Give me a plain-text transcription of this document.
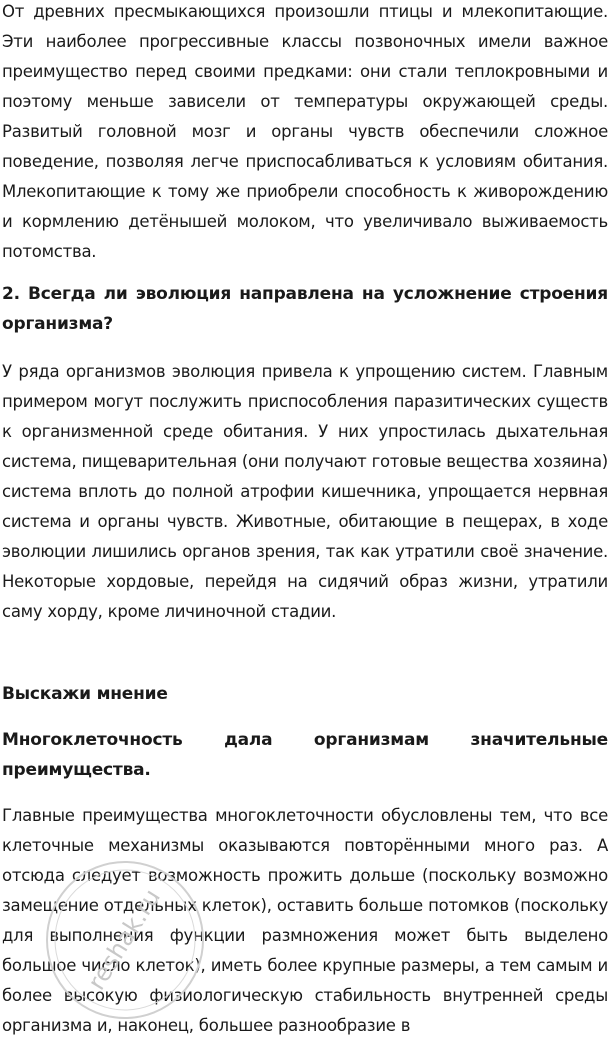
От древних пресмыкающихся произошли птицы и млекопитающие. Эти наиболее прогрессивные классы позвоночных имели важное преимущество перед своими предками: они стали теплокровными и поэтому меньше зависели от температуры окружающей среды. Развитый головной мозг и органы чувств обеспечили сложное поведение, позволяя легче приспосабливаться к условиям обитания. Млекопитающие к тому же приобрели способность к живорождению и кормлению детёнышей молоком, что увеличивало выживаемость потомства.

2. Всегда ли эволюция направлена на усложнение строения организма?

У ряда организмов эволюция привела к упрощению систем. Главным примером могут послужить приспособления паразитических существ к организменной среде обитания. У них упростилась дыхательная система, пищеварительная (они получают готовые вещества хозяина) система вплоть до полной атрофии кишечника, упрощается нервная система и органы чувств. Животные, обитающие в пещерах, в ходе эволюции лишились органов зрения, так как утратили своё значение. Некоторые хордовые, перейдя на сидячий образ жизни, утратили саму хорду, кроме личиночной стадии.

Выскажи мнение
Многоклеточность дала организмам значительные преимущества.

Главные преимущества многоклеточности обусловлены тем, что все клеточные механизмы оказываются повторёнными много раз. А отсюда следует возможность прожить дольше (поскольку возможно замещение отдельных клеток), оставить больше потомков (поскольку для выполнения функции размножения может быть выделено большое число клеток), иметь более крупные размеры, а тем самым и более высокую физиологическую стабильность внутренней среды организма и, наконец, большее разнообразие в

reshak.ru
